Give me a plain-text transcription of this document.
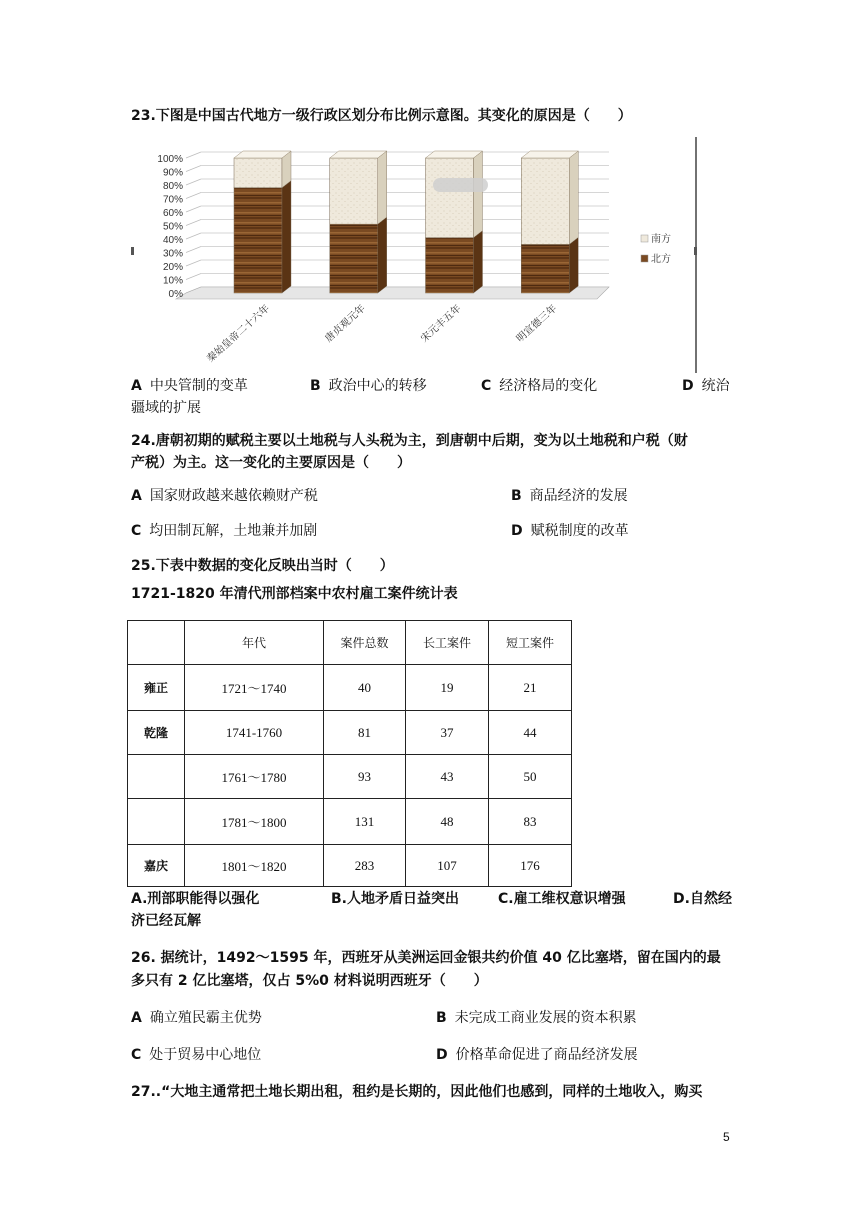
23.下图是中国古代地方一级行政区划分布比例示意图。其变化的原因是（　　）
0%
10%
20%
30%
40%
50%
60%
70%
80%
90%
100%
秦始皇帝二十六年	唐贞观元年	宋元丰五年	明宣德三年
南方
北方
A 中央管制的变革	B 政治中心的转移	C 经济格局的变化	D 统治
疆域的扩展
24.唐朝初期的赋税主要以土地税与人头税为主，到唐朝中后期，变为以土地税和户税（财
产税）为主。这一变化的主要原因是（　　）
A 国家财政越来越依赖财产税	B 商品经济的发展
C 均田制瓦解，土地兼并加剧	D 赋税制度的改革
25.下表中数据的变化反映出当时（　　）
1721-1820 年清代刑部档案中农村雇工案件统计表
	年代	案件总数	长工案件	短工案件
雍正	1721～1740	40	19	21
乾隆	1741-1760	81	37	44
	1761～1780	93	43	50
	1781～1800	131	48	83
嘉庆	1801～1820	283	107	176
A.刑部职能得以强化	B.人地矛盾日益突出	C.雇工维权意识增强	D.自然经
济已经瓦解
26. 据统计，1492～1595 年，西班牙从美洲运回金银共约价值 40 亿比塞塔，留在国内的最
多只有 2 亿比塞塔，仅占 5%0 材料说明西班牙（　　）
A 确立殖民霸主优势	B 未完成工商业发展的资本积累
C 处于贸易中心地位	D 价格革命促进了商品经济发展
27..“大地主通常把土地长期出租，租约是长期的，因此他们也感到，同样的土地收入，购买
5
